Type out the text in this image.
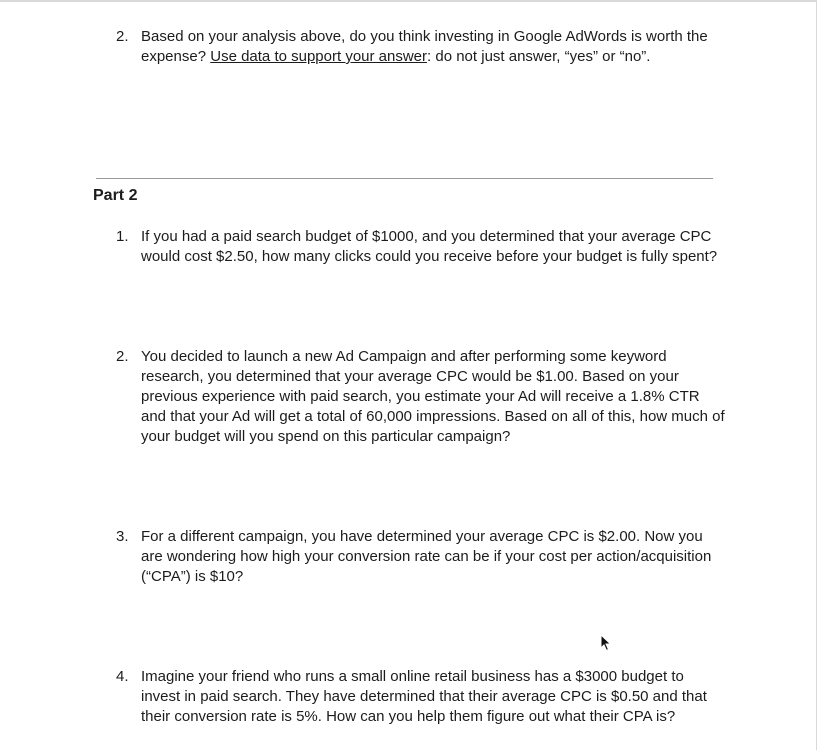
2. Based on your analysis above, do you think investing in Google AdWords is worth the expense? Use data to support your answer: do not just answer, “yes” or “no”.
Part 2
1. If you had a paid search budget of $1000, and you determined that your average CPC would cost $2.50, how many clicks could you receive before your budget is fully spent?
2. You decided to launch a new Ad Campaign and after performing some keyword research, you determined that your average CPC would be $1.00. Based on your previous experience with paid search, you estimate your Ad will receive a 1.8% CTR and that your Ad will get a total of 60,000 impressions. Based on all of this, how much of your budget will you spend on this particular campaign?
3. For a different campaign, you have determined your average CPC is $2.00. Now you are wondering how high your conversion rate can be if your cost per action/acquisition (“CPA”) is $10?
4. Imagine your friend who runs a small online retail business has a $3000 budget to invest in paid search. They have determined that their average CPC is $0.50 and that their conversion rate is 5%. How can you help them figure out what their CPA is?
